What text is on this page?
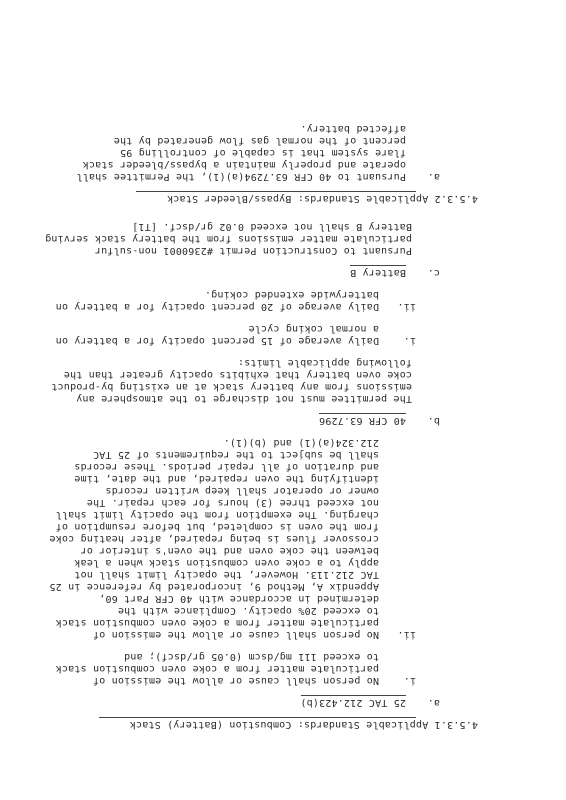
4.5.3.1 Applicable Standards: Combustion (Battery) Stack
a.
25 TAC 212.423(b)
i.
No person shall cause or allow the emission of
particulate matter from a coke oven combustion stack
to exceed 111 mg/dscm (0.05 gr/dscf); and
ii.
No person shall cause or allow the emission of
particulate matter from a coke oven combustion stack
to exceed 20% opacity. Compliance with the
determined in accordance with 40 CFR Part 60,
Appendix A, Method 9, incorporated by reference in 25
TAC 212.113. However, the opacity limit shall not
apply to a coke oven combustion stack when a leak
between the coke oven and the oven's interior or
crossover flues is being repaired, after heating coke
from the oven is completed, but before resumption of
charging. The exemption from the opacity limit shall
not exceed three (3) hours for each repair. The
owner or operator shall keep written records
identifying the oven repaired, and the date, time
and duration of all repair periods. These records
shall be subject to the requirements of 25 TAC
212.324(a)(1) and (b)(1).
b.
40 CFR 63.7296
The permittee must not discharge to the atmosphere any
emissions from any battery stack at an existing by-product
coke oven battery that exhibits opacity greater than the
following applicable limits:
i.
Daily average of 15 percent opacity for a battery on
a normal coking cycle
ii.
Daily average of 20 percent opacity for a battery on
batterywide extended coking.
c.
Battery B
Pursuant to Construction Permit #2360001 non-sulfur
particulate matter emissions from the battery stack serving
Battery B shall not exceed 0.02 gr/dscf. [T1]
4.5.3.2 Applicable Standards: Bypass/Bleeder Stack
a.
Pursuant to 40 CFR 63.7294(a)(1), the Permittee shall
operate and properly maintain a bypass/bleeder stack
flare system that is capable of controlling 95
percent of the normal gas flow generated by the
affected battery.
